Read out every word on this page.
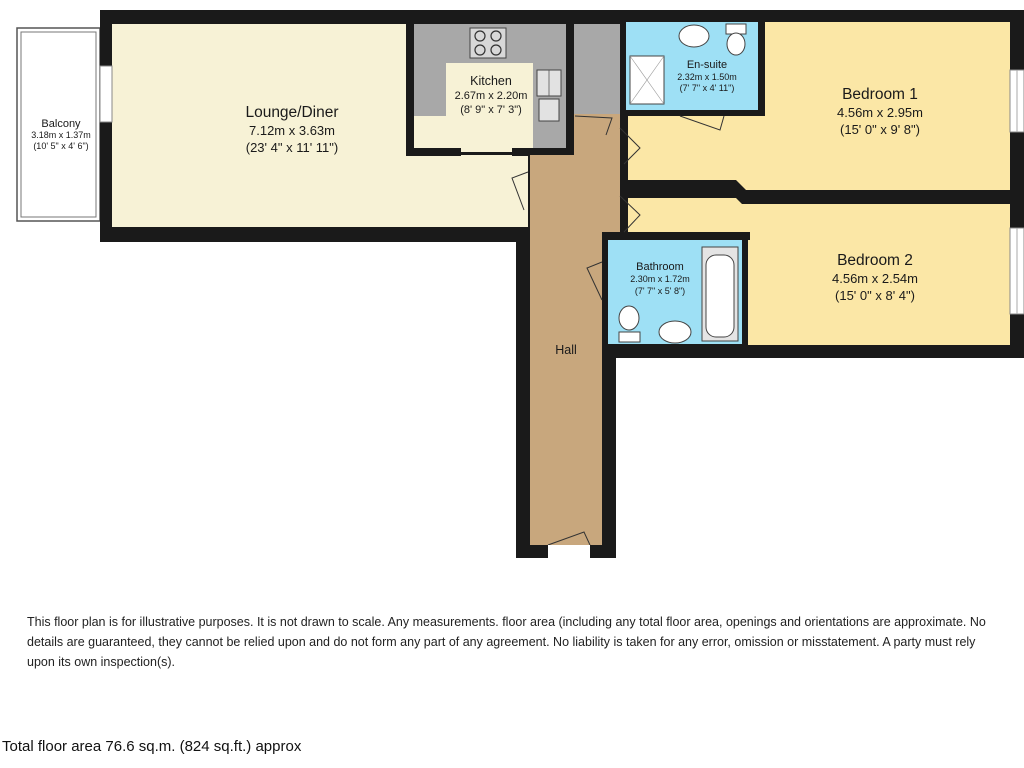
Balcony
3.18m x 1.37m
(10' 5" x 4' 6")
Lounge/Diner
7.12m x 3.63m
(23' 4" x 11' 11")
Kitchen
2.67m x 2.20m
(8' 9" x 7' 3")
En-suite
2.32m x 1.50m
(7' 7" x 4' 11")	Bedroom 1
4.56m x 2.95m
(15' 0" x 9' 8")
Bedroom 2
4.56m x 2.54m
(15' 0" x 8' 4")
Bathroom
2.30m x 1.72m
(7' 7" x 5' 8")
Hall
This floor plan is for illustrative purposes. It is not drawn to scale. Any measurements. floor area (including any total floor area, openings and orientations are approximate. No details are guaranteed, they cannot be relied upon and do not form any part of any agreement. No liability is taken for any error, omission or misstatement. A party must rely upon its own inspection(s).
Total floor area 76.6 sq.m. (824 sq.ft.) approx
